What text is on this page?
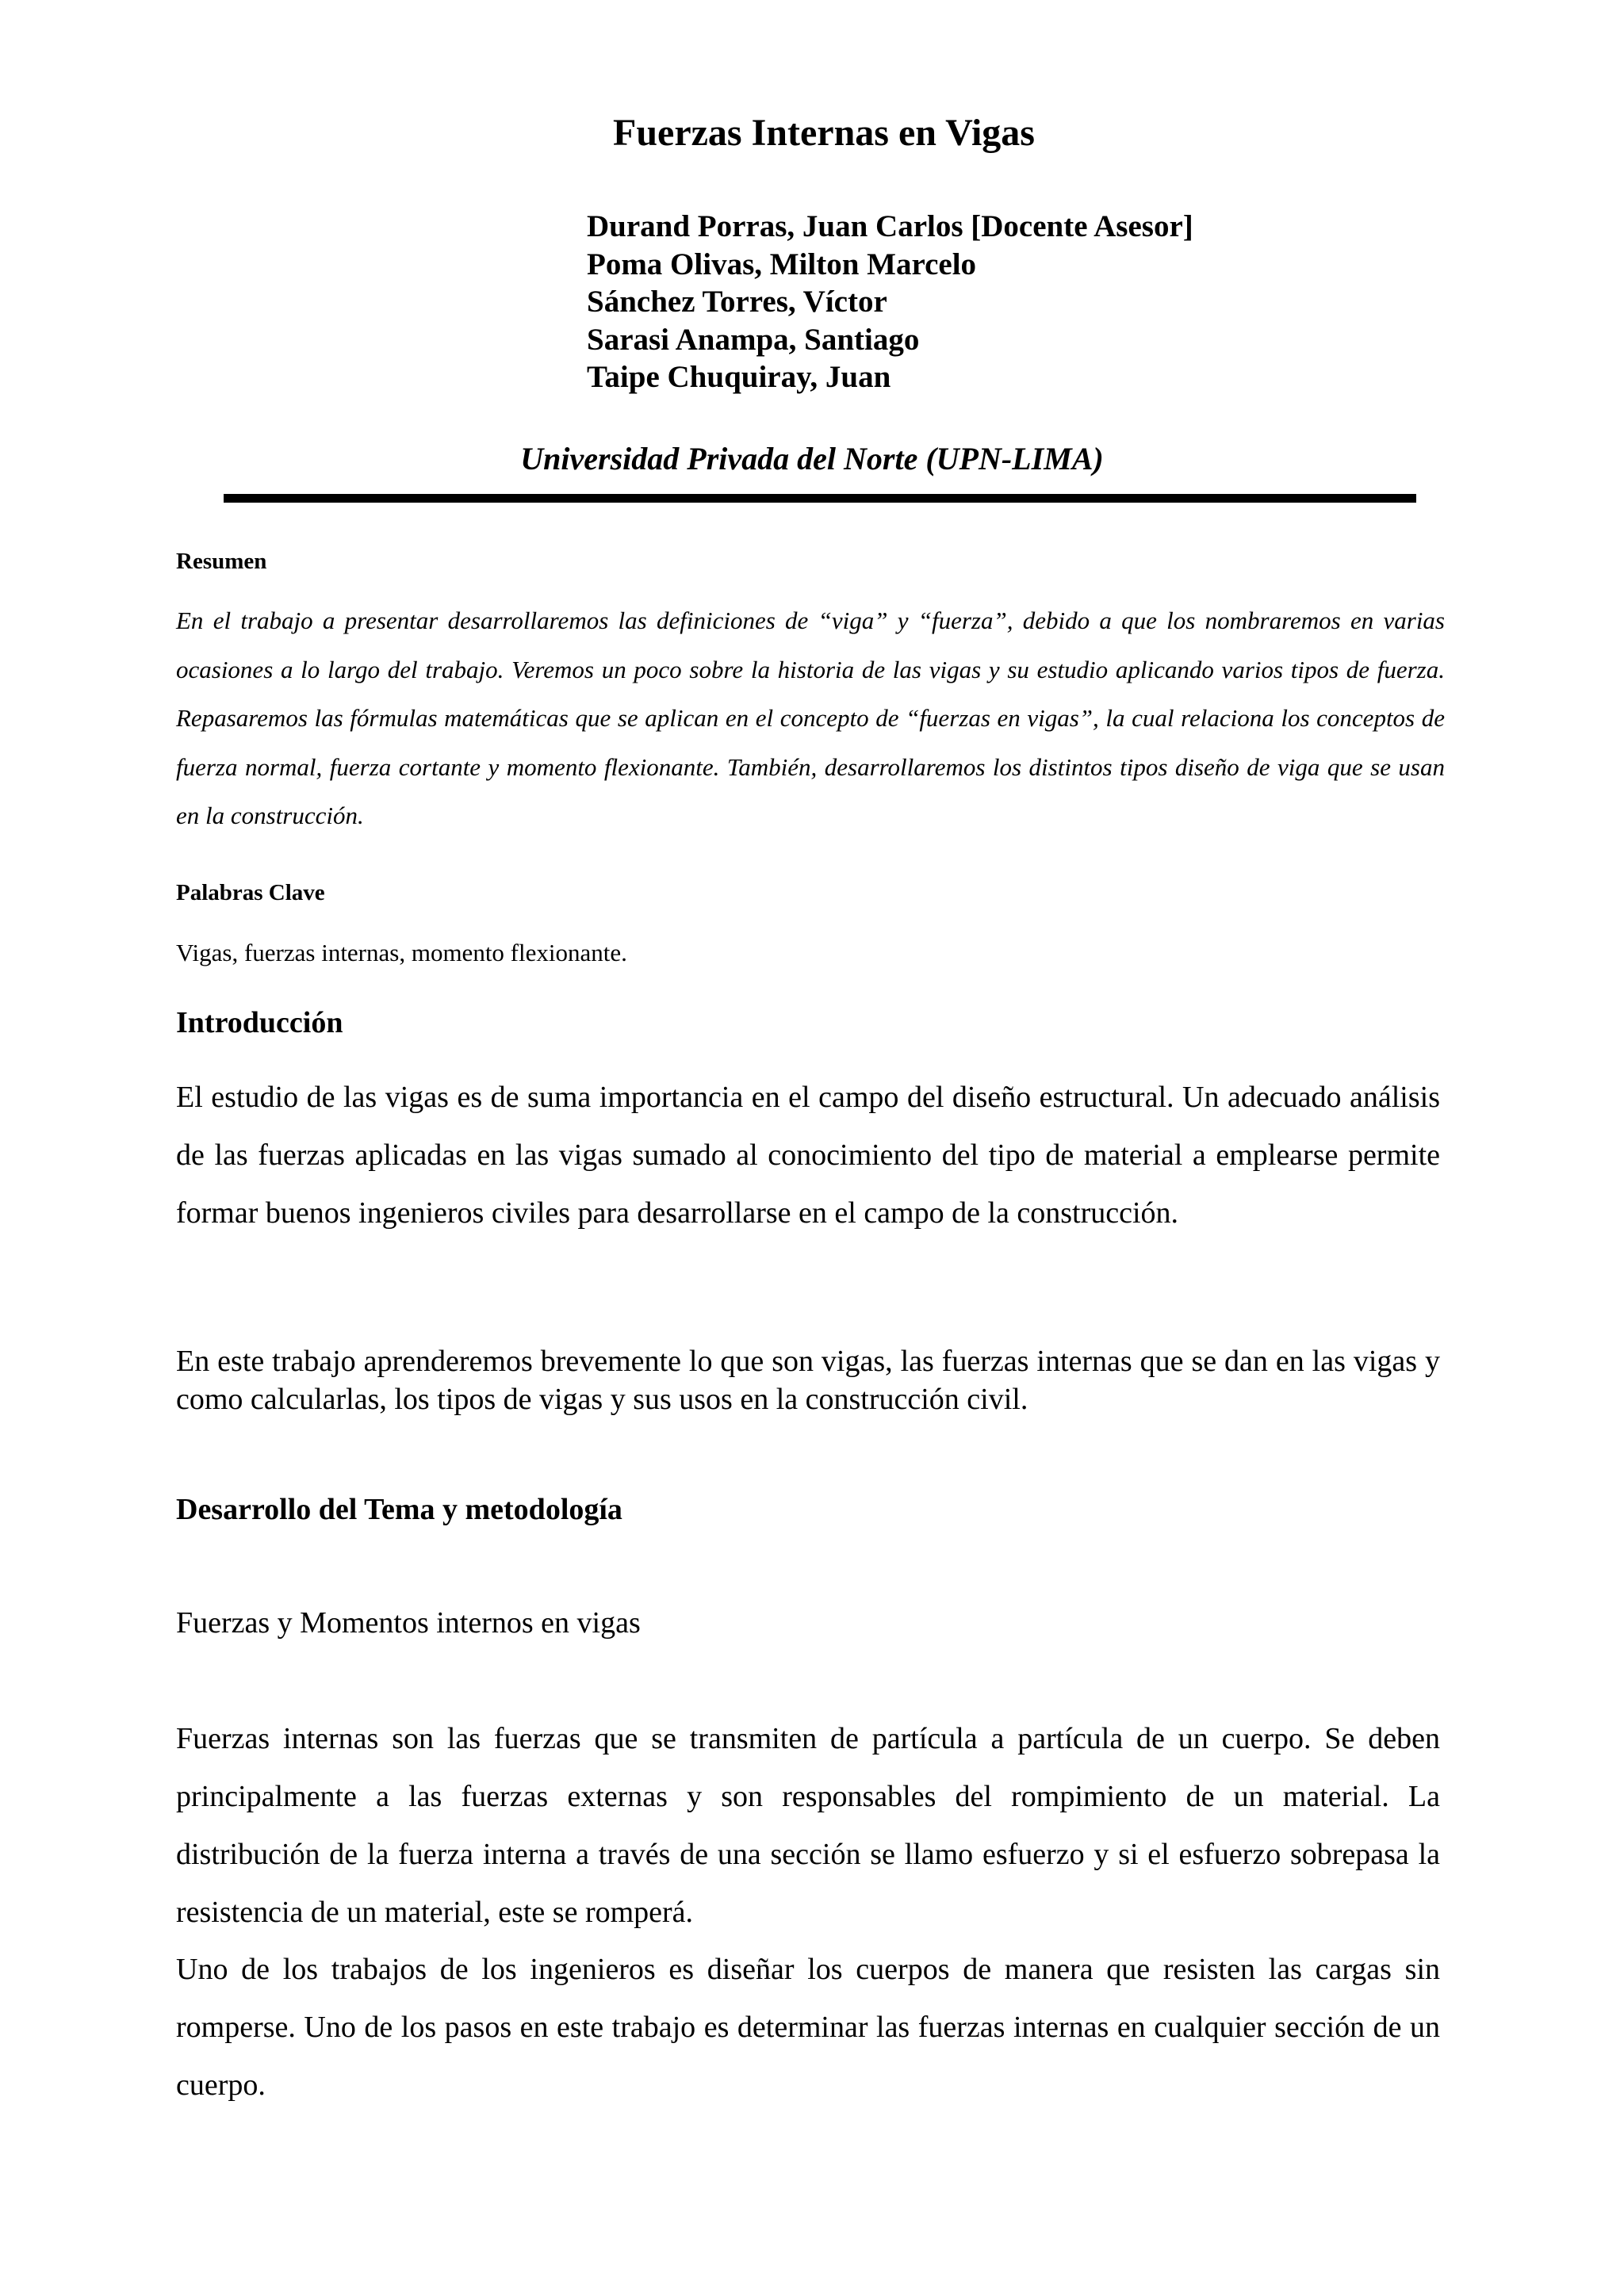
Fuerzas Internas en Vigas
Durand Porras, Juan Carlos [Docente Asesor]
Poma Olivas, Milton Marcelo
Sánchez Torres, Víctor
Sarasi Anampa, Santiago
Taipe Chuquiray, Juan
Universidad Privada del Norte (UPN-LIMA)
Resumen
En el trabajo a presentar desarrollaremos las definiciones de “viga” y “fuerza”, debido a que los nombraremos en varias ocasiones a lo largo del trabajo. Veremos un poco sobre la historia de las vigas y su estudio aplicando varios tipos de fuerza. Repasaremos las fórmulas matemáticas que se aplican en el concepto de “fuerzas en vigas”, la cual relaciona los conceptos de fuerza normal, fuerza cortante y momento flexionante. También, desarrollaremos los distintos tipos diseño de viga que se usan en la construcción.
Palabras Clave
Vigas, fuerzas internas, momento flexionante.
Introducción
El estudio de las vigas es de suma importancia en el campo del diseño estructural. Un adecuado análisis de las fuerzas aplicadas en las vigas sumado al conocimiento del tipo de material a emplearse permite formar buenos ingenieros civiles para desarrollarse en el campo de la construcción.
En este trabajo aprenderemos brevemente lo que son vigas, las fuerzas internas que se dan en las vigas y como calcularlas, los tipos de vigas y sus usos en la construcción civil.
Desarrollo del Tema y metodología
Fuerzas y Momentos internos en vigas
Fuerzas internas son las fuerzas que se transmiten de partícula a partícula de un cuerpo. Se deben principalmente a las fuerzas externas y son responsables del rompimiento de un material. La distribución de la fuerza interna a través de una sección se llamo esfuerzo y si el esfuerzo sobrepasa la resistencia de un material, este se romperá.
Uno de los trabajos de los ingenieros es diseñar los cuerpos de manera que resisten las cargas sin romperse. Uno de los pasos en este trabajo es determinar las fuerzas internas en cualquier sección de un cuerpo.
